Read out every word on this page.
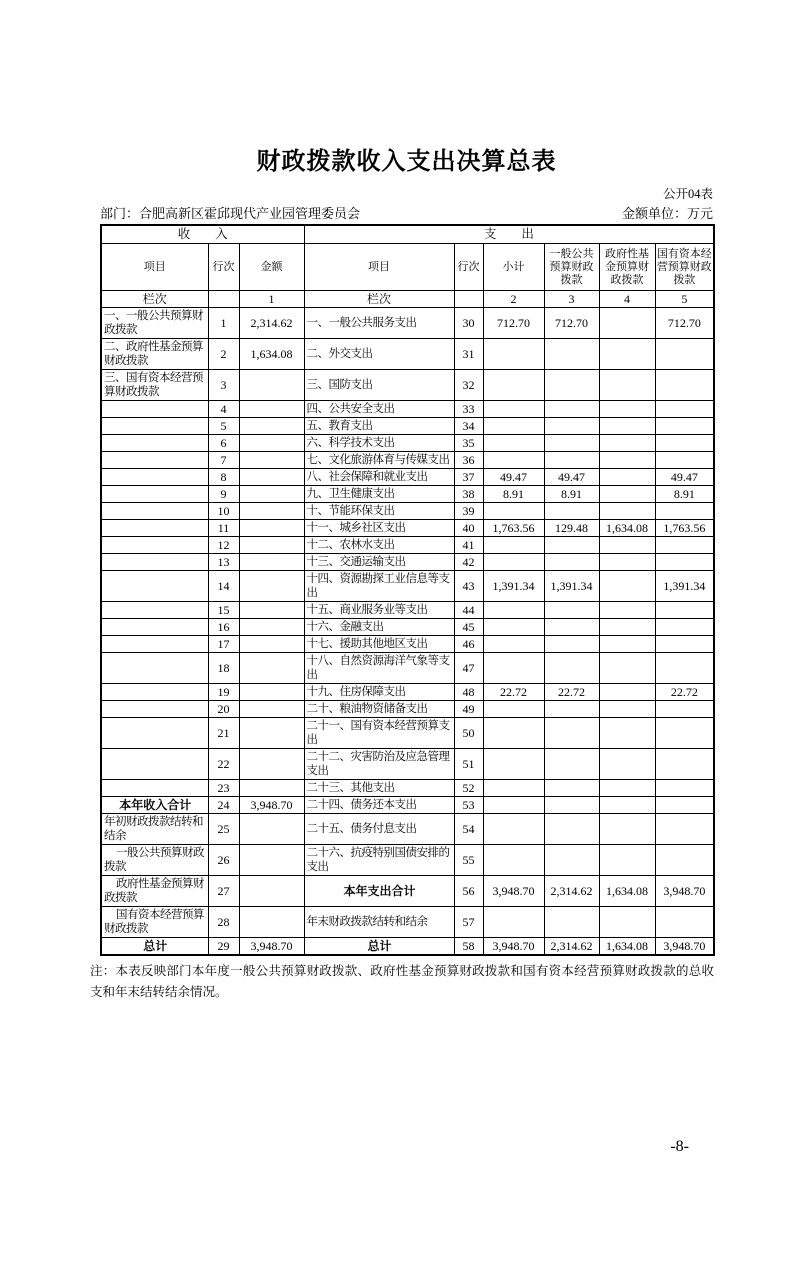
财政拨款收入支出决算总表
公开04表
部门：合肥高新区霍邱现代产业园管理委员会	金额单位：万元
收　　入			支　　出					
项目	行次	金额	项目	行次	小计	一般公共预算财政拨款	政府性基金预算财政拨款	国有资本经营预算财政拨款
栏次		1	栏次		2	3	4	5
一、一般公共预算财政拨款	1	2,314.62	一、一般公共服务支出	30	712.70	712.70		712.70
二、政府性基金预算财政拨款	2	1,634.08	二、外交支出	31				
三、国有资本经营预算财政拨款	3		三、国防支出	32				
	4		四、公共安全支出	33				
	5		五、教育支出	34				
	6		六、科学技术支出	35				
	7		七、文化旅游体育与传媒支出	36				
	8		八、社会保障和就业支出	37	49.47	49.47		49.47
	9		九、卫生健康支出	38	8.91	8.91		8.91
	10		十、节能环保支出	39				
	11		十一、城乡社区支出	40	1,763.56	129.48	1,634.08	1,763.56
	12		十二、农林水支出	41				
	13		十三、交通运输支出	42				
	14		十四、资源勘探工业信息等支出	43	1,391.34	1,391.34		1,391.34
	15		十五、商业服务业等支出	44				
	16		十六、金融支出	45				
	17		十七、援助其他地区支出	46				
	18		十八、自然资源海洋气象等支出	47				
	19		十九、住房保障支出	48	22.72	22.72		22.72
	20		二十、粮油物资储备支出	49				
	21		二十一、国有资本经营预算支出	50				
	22		二十二、灾害防治及应急管理支出	51				
	23		二十三、其他支出	52				
本年收入合计	24	3,948.70	二十四、债务还本支出	53				
年初财政拨款结转和结余	25		二十五、债务付息支出	54				
一般公共预算财政拨款	26		二十六、抗疫特别国债安排的支出	55				
政府性基金预算财政拨款	27		本年支出合计	56	3,948.70	2,314.62	1,634.08	3,948.70
国有资本经营预算财政拨款	28		年末财政拨款结转和结余	57				
总计	29	3,948.70	总计	58	3,948.70	2,314.62	1,634.08	3,948.70

注：本表反映部门本年度一般公共预算财政拨款、政府性基金预算财政拨款和国有资本经营预算财政拨款的总收支和年末结转结余情况。

-8-
